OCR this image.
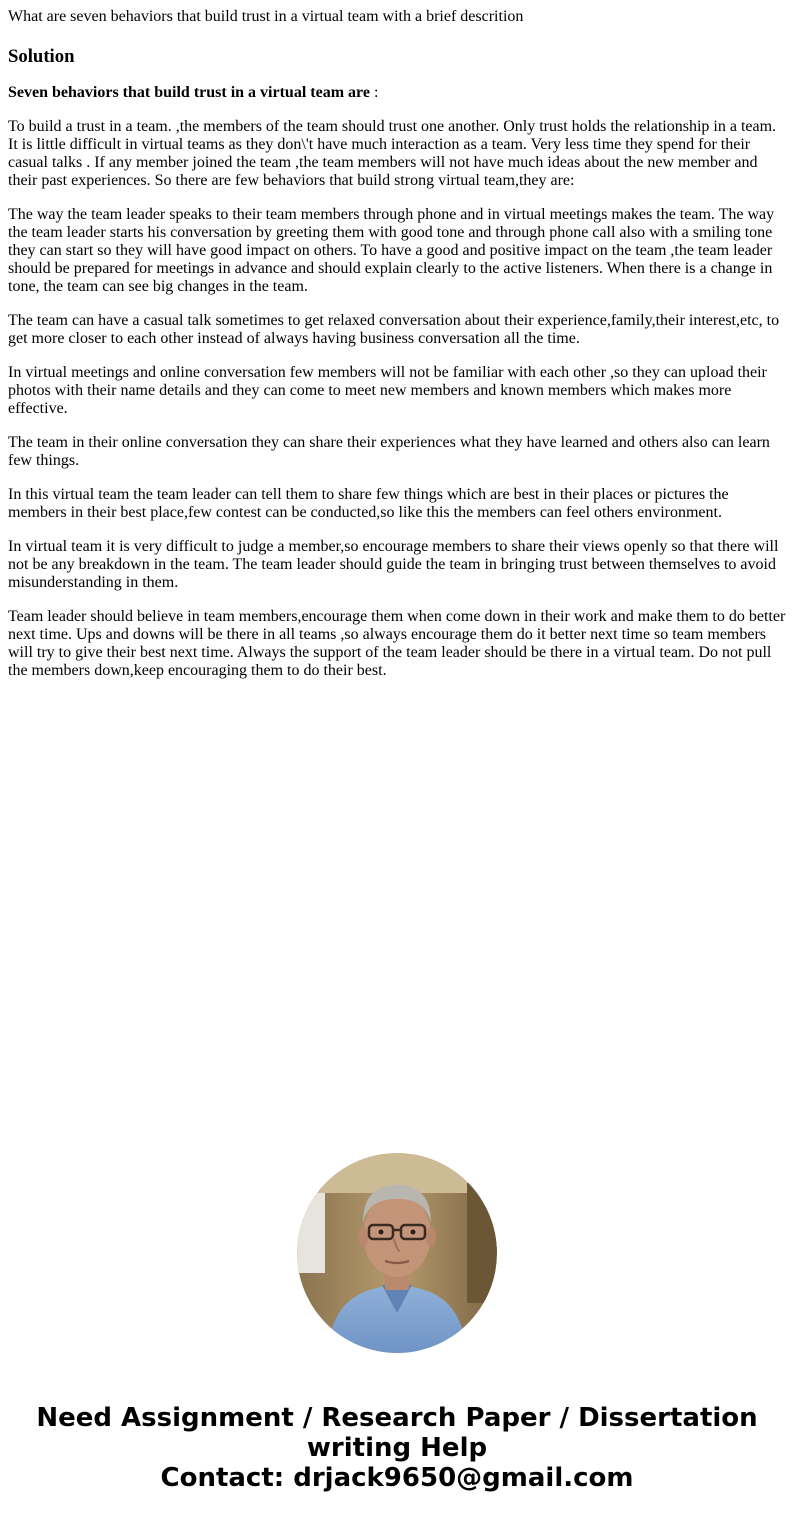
What are seven behaviors that build trust in a virtual team with a brief descrition

Solution

Seven behaviors that build trust in a virtual team are :

To build a trust in a team. ,the members of the team should trust one another. Only trust holds the relationship in a team. It is little difficult in virtual teams as they don\'t have much interaction as a team. Very less time they spend for their casual talks . If any member joined the team ,the team members will not have much ideas about the new member and their past experiences. So there are few behaviors that build strong virtual team,they are:

The way the team leader speaks to their team members through phone and in virtual meetings makes the team. The way the team leader starts his conversation by greeting them with good tone and through phone call also with a smiling tone they can start so they will have good impact on others. To have a good and positive impact on the team ,the team leader should be prepared for meetings in advance and should explain clearly to the active listeners. When there is a change in tone, the team can see big changes in the team.

The team can have a casual talk sometimes to get relaxed conversation about their experience,family,their interest,etc, to get more closer to each other instead of always having business conversation all the time.

In virtual meetings and online conversation few members will not be familiar with each other ,so they can upload their photos with their name details and they can come to meet new members and known members which makes more effective.

The team in their online conversation they can share their experiences what they have learned and others also can learn few things.

In this virtual team the team leader can tell them to share few things which are best in their places or pictures the members in their best place,few contest can be conducted,so like this the members can feel others environment.

In virtual team it is very difficult to judge a member,so encourage members to share their views openly so that there will not be any breakdown in the team. The team leader should guide the team in bringing trust between themselves to avoid misunderstanding in them.

Team leader should believe in team members,encourage them when come down in their work and make them to do better next time. Ups and downs will be there in all teams ,so always encourage them do it better next time so team members will try to give their best next time. Always the support of the team leader should be there in a virtual team. Do not pull the members down,keep encouraging them to do their best.

Need Assignment / Research Paper / Dissertation
writing Help
Contact: drjack9650@gmail.com
